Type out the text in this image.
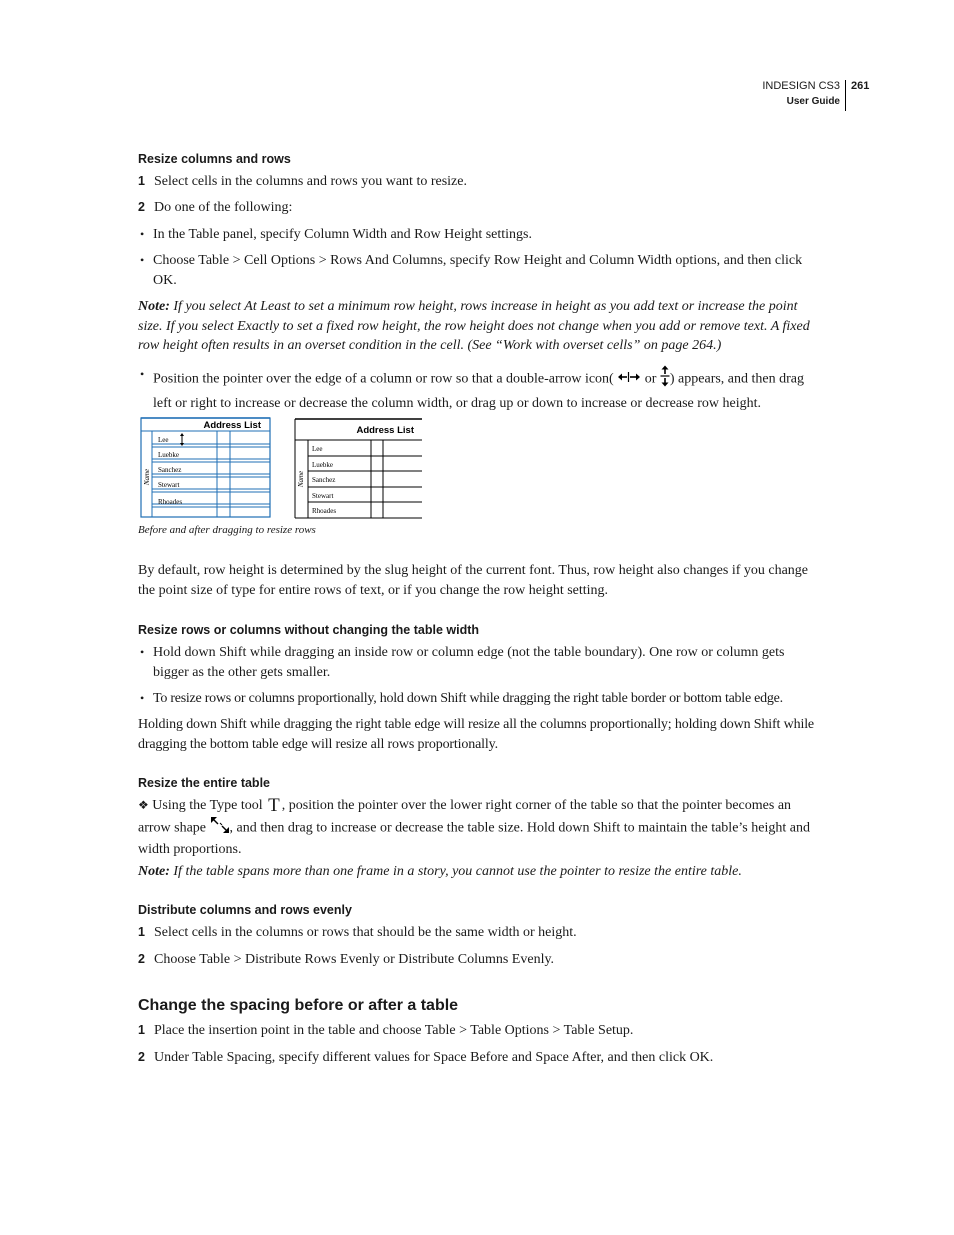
INDESIGN CS3
User Guide
261
Resize columns and rows
1 Select cells in the columns and rows you want to resize.
2 Do one of the following:
• In the Table panel, specify Column Width and Row Height settings.
• Choose Table > Cell Options > Rows And Columns, specify Row Height and Column Width options, and then click OK.
Note: If you select At Least to set a minimum row height, rows increase in height as you add text or increase the point size. If you select Exactly to set a fixed row height, the row height does not change when you add or remove text. A fixed row height often results in an overset condition in the cell. (See “Work with overset cells” on page 264.)
• Position the pointer over the edge of a column or row so that a double-arrow icon( or ) appears, and then drag left or right to increase or decrease the column width, or drag up or down to increase or decrease row height.
Address List
Name
Lee
Luebke
Sanchez
Stewart
Rhoades
Address List
Name
Lee
Luebke
Sanchez
Stewart
Rhoades
Before and after dragging to resize rows
By default, row height is determined by the slug height of the current font. Thus, row height also changes if you change the point size of type for entire rows of text, or if you change the row height setting.
Resize rows or columns without changing the table width
• Hold down Shift while dragging an inside row or column edge (not the table boundary). One row or column gets bigger as the other gets smaller.
• To resize rows or columns proportionally, hold down Shift while dragging the right table border or bottom table edge.
Holding down Shift while dragging the right table edge will resize all the columns proportionally; holding down Shift while dragging the bottom table edge will resize all rows proportionally.
Resize the entire table
❖ Using the Type tool T , position the pointer over the lower right corner of the table so that the pointer becomes an arrow shape , and then drag to increase or decrease the table size. Hold down Shift to maintain the table’s height and width proportions.
Note: If the table spans more than one frame in a story, you cannot use the pointer to resize the entire table.
Distribute columns and rows evenly
1 Select cells in the columns or rows that should be the same width or height.
2 Choose Table > Distribute Rows Evenly or Distribute Columns Evenly.
Change the spacing before or after a table
1 Place the insertion point in the table and choose Table > Table Options > Table Setup.
2 Under Table Spacing, specify different values for Space Before and Space After, and then click OK.
